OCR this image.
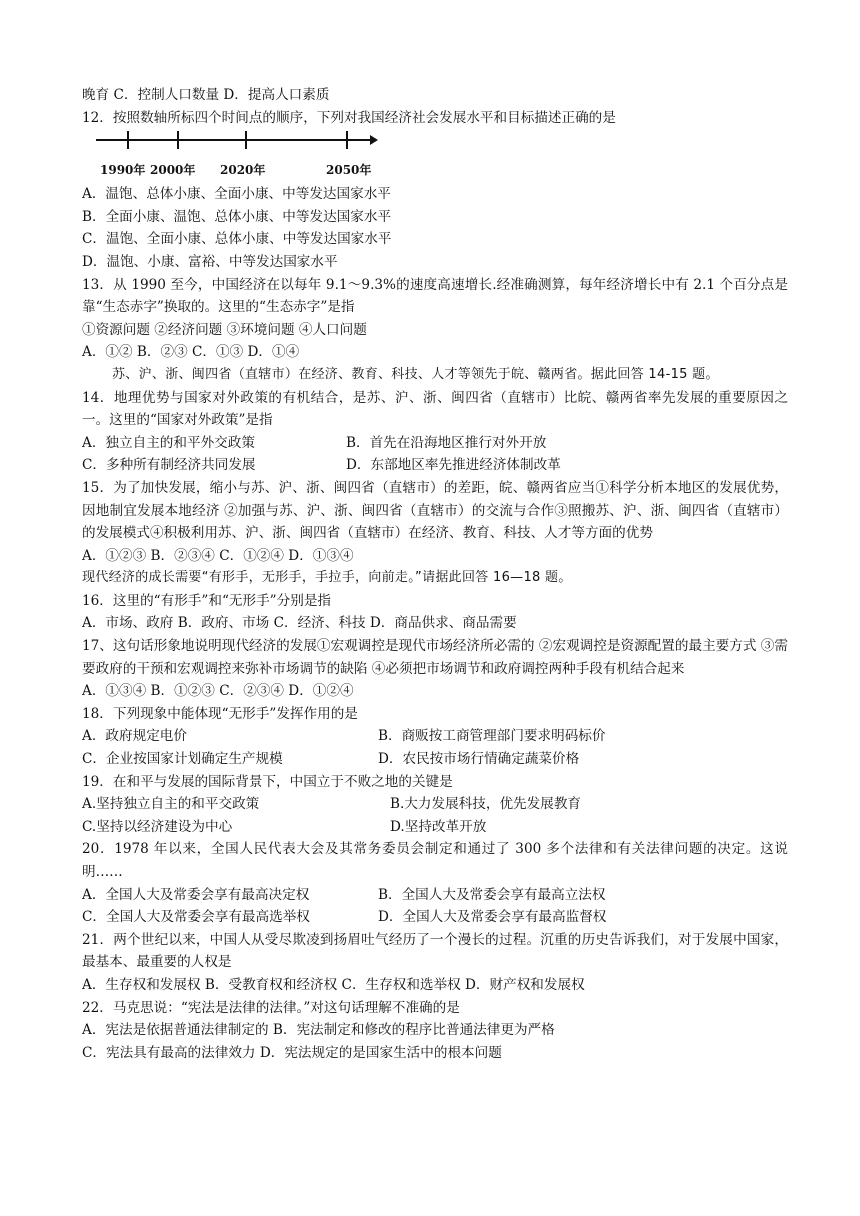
晚育 C．控制人口数量 D．提高人口素质
12．按照数轴所标四个时间点的顺序，下列对我国经济社会发展水平和目标描述正确的是
1990年 2000年 2020年	2050年
A．温饱、总体小康、全面小康、中等发达国家水平
B．全面小康、温饱、总体小康、中等发达国家水平
C．温饱、全面小康、总体小康、中等发达国家水平
D．温饱、小康、富裕、中等发达国家水平
13．从 1990 至今，中国经济在以每年 9.1～9.3%的速度高速增长.经准确测算，每年经济增长中有 2.1 个百分点是靠“生态赤字”换取的。这里的“生态赤字”是指
①资源问题 ②经济问题 ③环境问题 ④人口问题
A．①② B．②③ C．①③ D．①④
苏、沪、浙、闽四省（直辖市）在经济、教育、科技、人才等领先于皖、赣两省。据此回答 14-15 题。
14．地理优势与国家对外政策的有机结合，是苏、沪、浙、闽四省（直辖市）比皖、赣两省率先发展的重要原因之一。这里的“国家对外政策”是指
A．独立自主的和平外交政策	B．首先在沿海地区推行对外开放
C．多种所有制经济共同发展	D．东部地区率先推进经济体制改革
15．为了加快发展，缩小与苏、沪、浙、闽四省（直辖市）的差距，皖、赣两省应当①科学分析本地区的发展优势，因地制宜发展本地经济 ②加强与苏、沪、浙、闽四省（直辖市）的交流与合作③照搬苏、沪、浙、闽四省（直辖市）的发展模式④积极利用苏、沪、浙、闽四省（直辖市）在经济、教育、科技、人才等方面的优势
A．①②③ B．②③④ C．①②④ D．①③④
现代经济的成长需要“有形手，无形手，手拉手，向前走。”请据此回答 16—18 题。
16．这里的“有形手”和“无形手”分别是指
A．市场、政府 B．政府、市场 C．经济、科技 D．商品供求、商品需要
17、这句话形象地说明现代经济的发展①宏观调控是现代市场经济所必需的 ②宏观调控是资源配置的最主要方式 ③需要政府的干预和宏观调控来弥补市场调节的缺陷 ④必须把市场调节和政府调控两种手段有机结合起来
A．①③④ B．①②③ C．②③④ D．①②④
18．下列现象中能体现“无形手”发挥作用的是
A．政府规定电价	B．商贩按工商管理部门要求明码标价
C．企业按国家计划确定生产规模	D．农民按市场行情确定蔬菜价格
19．在和平与发展的国际背景下，中国立于不败之地的关键是
A.坚持独立自主的和平交政策	B.大力发展科技，优先发展教育
C.坚持以经济建设为中心	D.坚持改革开放
20．1978 年以来，全国人民代表大会及其常务委员会制定和通过了 300 多个法律和有关法律问题的决定。这说明……
A．全国人大及常委会享有最高决定权	B．全国人大及常委会享有最高立法权
C．全国人大及常委会享有最高选举权	D．全国人大及常委会享有最高监督权
21．两个世纪以来，中国人从受尽欺凌到扬眉吐气经历了一个漫长的过程。沉重的历史告诉我们，对于发展中国家，最基本、最重要的人权是
A．生存权和发展权 B．受教育权和经济权 C．生存权和选举权 D．财产权和发展权
22．马克思说：“宪法是法律的法律。”对这句话理解不准确的是
A．宪法是依据普通法律制定的 B．宪法制定和修改的程序比普通法律更为严格
C．宪法具有最高的法律效力 D．宪法规定的是国家生活中的根本问题
